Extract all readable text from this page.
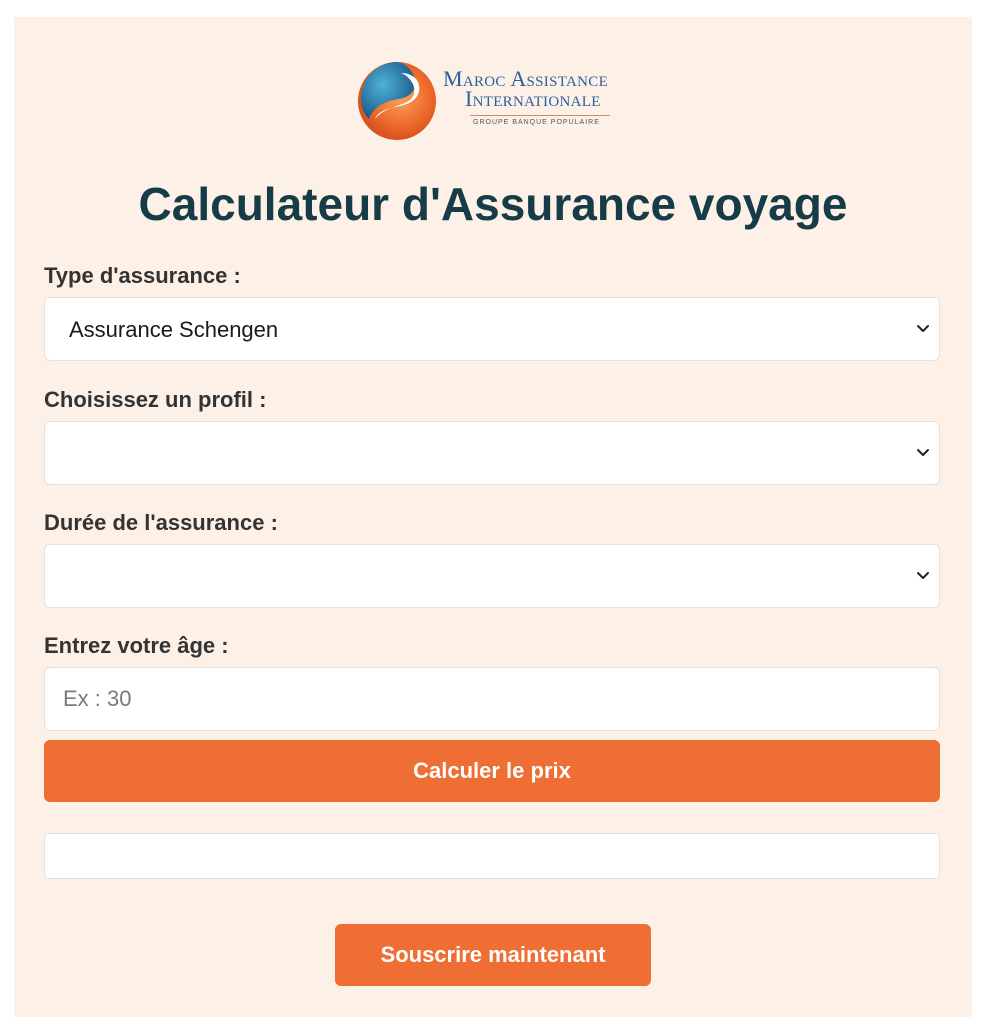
Maroc Assistance
Internationale
GROUPE BANQUE POPULAIRE
Calculateur d'Assurance voyage
Type d'assurance :
Assurance Schengen
Choisissez un profil :
Durée de l'assurance :
Entrez votre âge :
Ex : 30
Calculer le prix
Souscrire maintenant
